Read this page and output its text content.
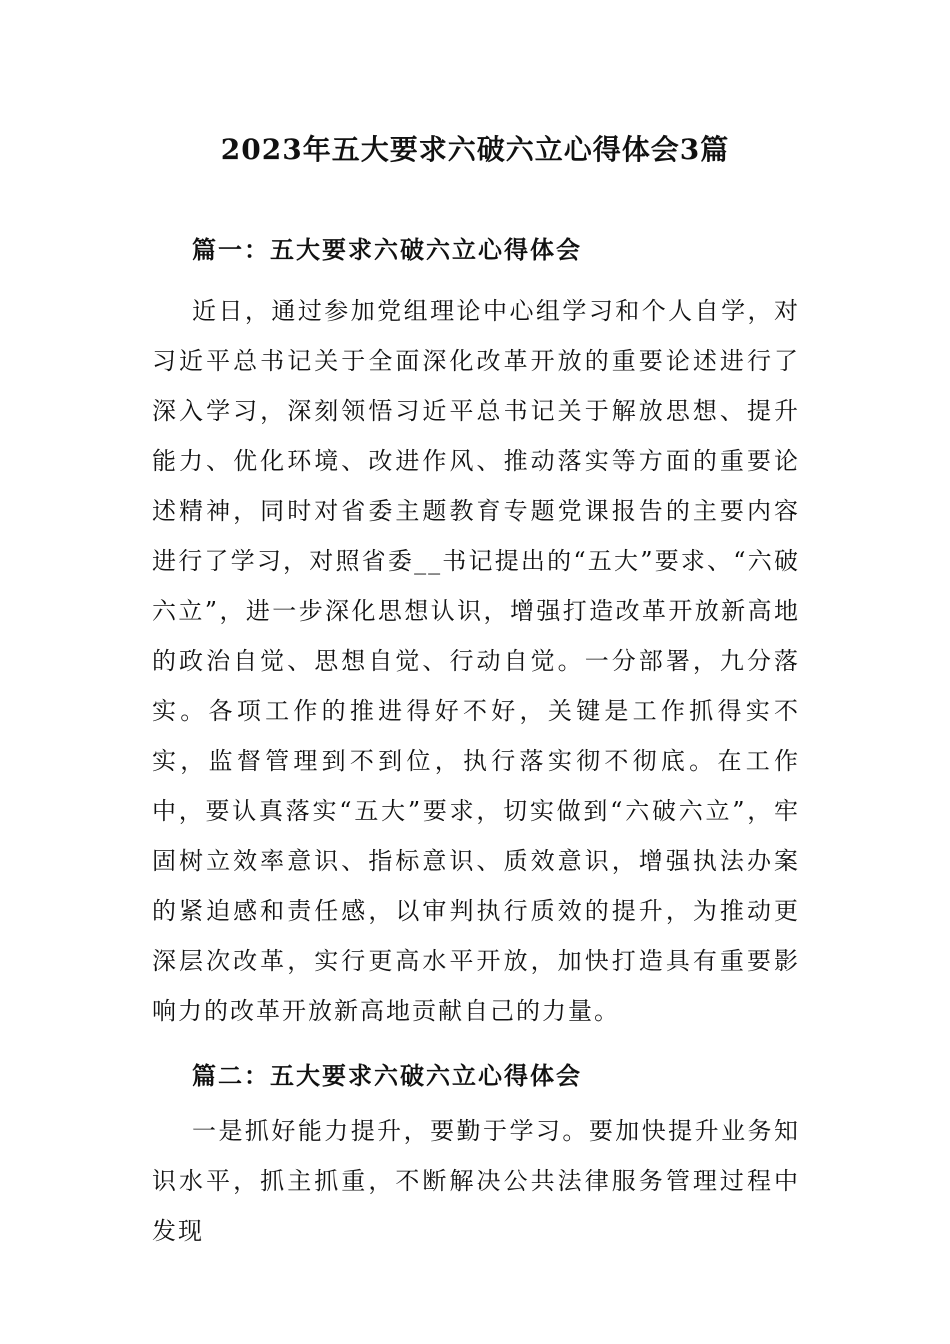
2023年五大要求六破六立心得体会3篇
篇一：五大要求六破六立心得体会

近日，通过参加党组理论中心组学习和个人自学，对习近平总书记关于全面深化改革开放的重要论述进行了深入学习，深刻领悟习近平总书记关于解放思想、提升能力、优化环境、改进作风、推动落实等方面的重要论述精神，同时对省委主题教育专题党课报告的主要内容进行了学习，对照省委__书记提出的“五大”要求、“六破六立”，进一步深化思想认识，增强打造改革开放新高地的政治自觉、思想自觉、行动自觉。一分部署，九分落实。各项工作的推进得好不好，关键是工作抓得实不实，监督管理到不到位，执行落实彻不彻底。在工作中，要认真落实“五大”要求，切实做到“六破六立”，牢固树立效率意识、指标意识、质效意识，增强执法办案的紧迫感和责任感，以审判执行质效的提升，为推动更深层次改革，实行更高水平开放，加快打造具有重要影响力的改革开放新高地贡献自己的力量。

篇二：五大要求六破六立心得体会

一是抓好能力提升，要勤于学习。要加快提升业务知识水平，抓主抓重，不断解决公共法律服务管理过程中发现
